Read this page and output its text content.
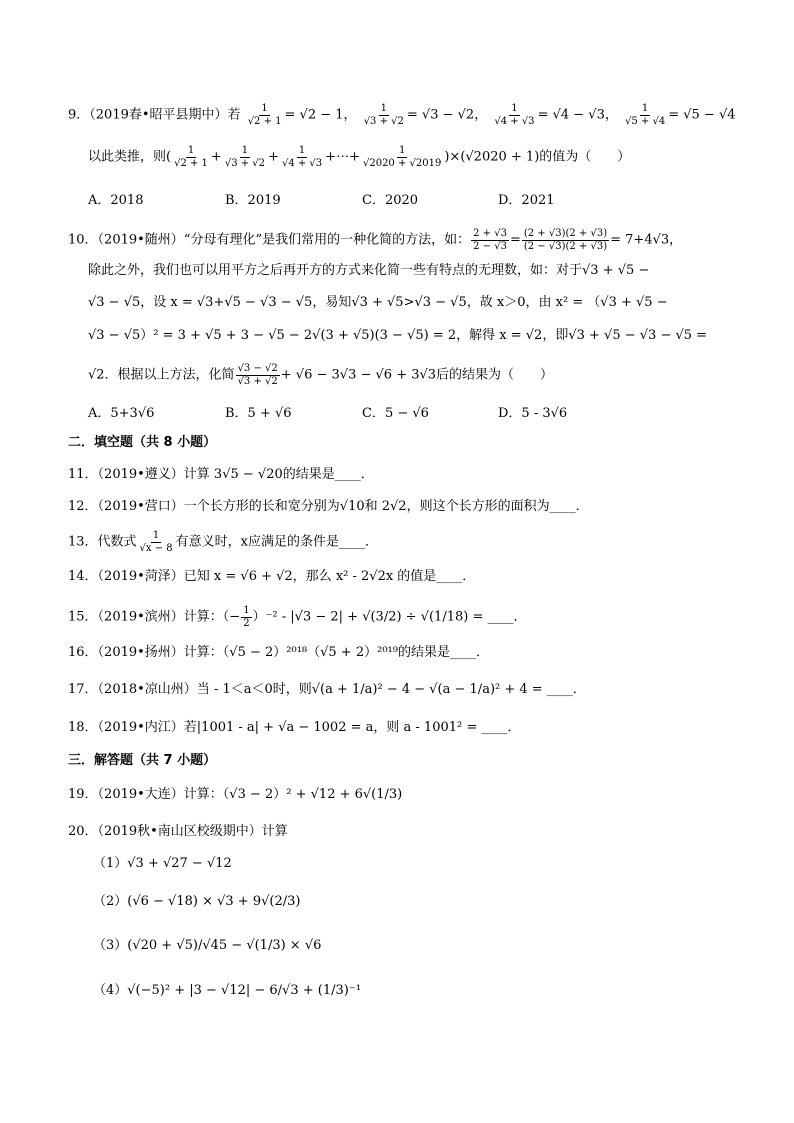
9．（2019春•昭平县期中）若 $\frac{1}{√2 + 1} = √2 - 1$， $\frac{1}{√3 + √2} = √3 - √2$， $\frac{1}{√4 + √3} = √4 - √3$， $\frac{1}{√5 + √4} = √5 - √4$
以此类推，则( $\frac{1}{√2 + 1} + \frac{1}{√3 + √2} + \frac{1}{√4 + √3}$ +⋯+ $\frac{1}{√2020 + √2019} )\times(√2020 + 1)$的值为（　　）
A．2018	B．2019	C．2020	D．2021
10．（2019•随州）“分母有理化”是我们常用的一种化简的方法，如： $\frac{2 + √3}{2 - √3} = \frac{(2 + √3)(2 + √3)}{(2 - √3)(2 + √3)} = 7+4√3$，
除此之外，我们也可以用平方之后再开方的方式来化简一些有特点的无理数，如：对于√3 + √5 −
√3 − √5，设 x = √3+√5 − √3 − √5，易知√3 + √5>√3 − √5，故 x＞0，由 x² = （√3 + √5 −
√3 − √5）² = 3 + √5 + 3 − √5 − 2√(3 + √5)(3 − √5) = 2，解得 x = √2，即√3 + √5 − √3 − √5 =
√2．根据以上方法，化简 $\frac{√3 - √2}{√3 + √2} + √6 - 3√3 - √6 + 3√3$后的结果为（　　）
A．5+3√6	B．5 + √6	C．5 − √6	D．5 - 3√6
二．填空题（共 8 小题）
11．（2019•遵义）计算 3√5 − √20的结果是____．
12．（2019•营口）一个长方形的长和宽分别为√10和 2√2，则这个长方形的面积为____．
13．代数式 $\frac{1}{√x - 8}$ 有意义时，x应满足的条件是____．
14．（2019•菏泽）已知 x = √6 + √2，那么 x² - 2√2x 的值是____．
15．（2019•滨州）计算：（− $\frac{1}{2} )^{-2} - |√3 - 2| + √(3/2) \div √(1/18)$ = ____．
16．（2019•扬州）计算：（√5 − 2）²⁰¹⁸（√5 + 2）²⁰¹⁹的结果是____．
17．（2018•凉山州）当 - 1＜a＜0时，则√(a + 1/a)² − 4 − √(a − 1/a)² + 4 = ____．
18．（2019•内江）若|1001 - a| + √a − 1002 = a，则 a - 1001² = ____．
三．解答题（共 7 小题）
19．（2019•大连）计算：（√3 − 2）² + √12 + 6√(1/3)
20．（2019秋•南山区校级期中）计算
（1）√3 + √27 − √12
（2）(√6 − √18) × √3 + 9√(2/3)
（3）(√20 + √5)/√45 − √(1/3) × √6
（4）√(−5)² + |3 − √12| − 6/√3 + (1/3)⁻¹
